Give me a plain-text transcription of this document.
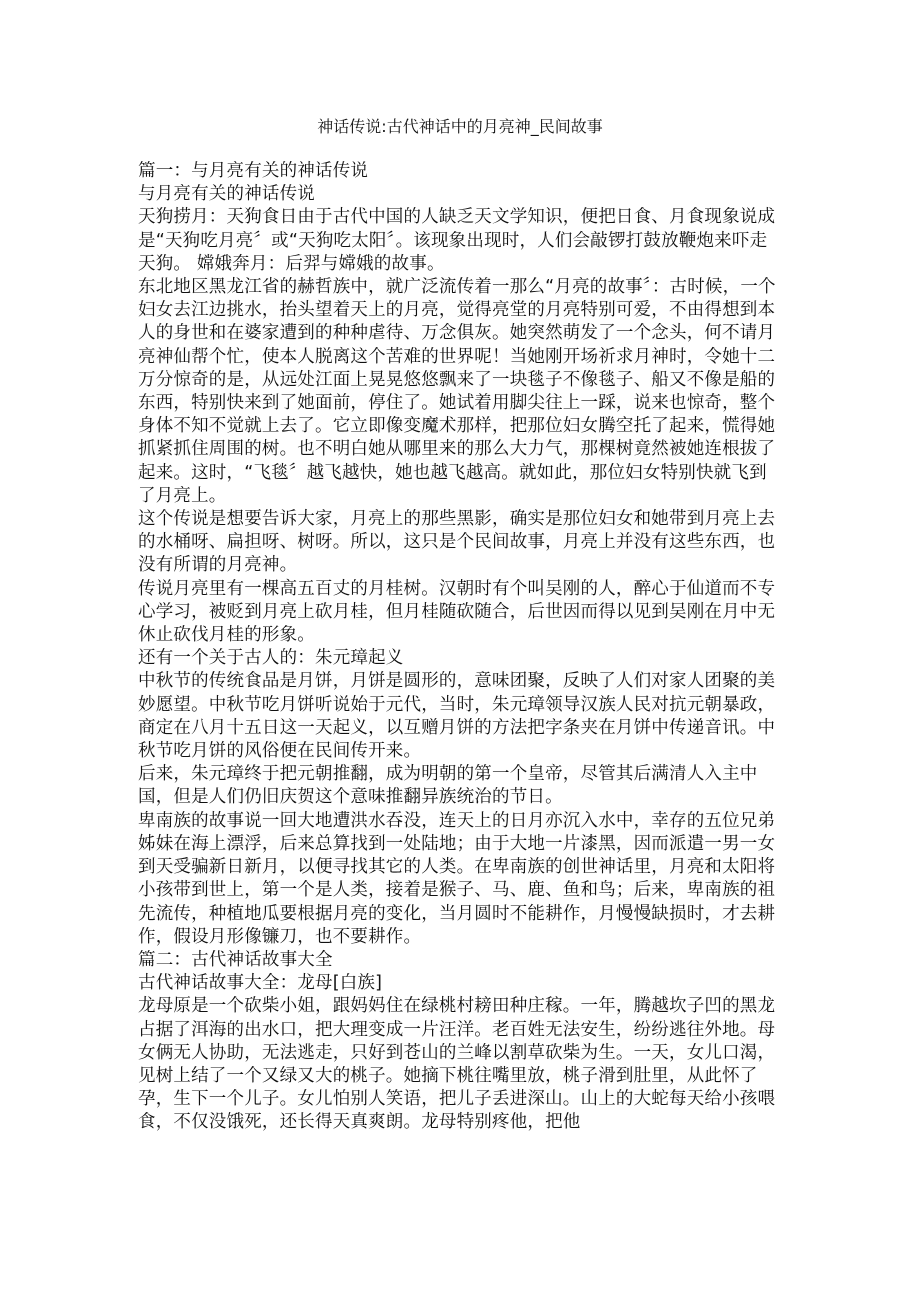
神话传说:古代神话中的月亮神_民间故事

篇一：与月亮有关的神话传说

与月亮有关的神话传说

天狗捞月：天狗食日由于古代中国的人缺乏天文学知识，便把日食、月食现象说成是“天狗吃月亮〞或“天狗吃太阳〞。该现象出现时，人们会敲锣打鼓放鞭炮来吓走天狗。 嫦娥奔月：后羿与嫦娥的故事。

东北地区黑龙江省的赫哲族中，就广泛流传着一那么“月亮的故事〞：古时候，一个妇女去江边挑水，抬头望着天上的月亮，觉得亮堂的月亮特别可爱，不由得想到本人的身世和在婆家遭到的种种虐待、万念俱灰。她突然萌发了一个念头，何不请月亮神仙帮个忙，使本人脱离这个苦难的世界呢！当她刚开场祈求月神时，令她十二万分惊奇的是，从远处江面上晃晃悠悠飘来了一块毯子不像毯子、船又不像是船的东西，特别快来到了她面前，停住了。她试着用脚尖往上一踩，说来也惊奇，整个身体不知不觉就上去了。它立即像变魔术那样，把那位妇女腾空托了起来，慌得她抓紧抓住周围的树。也不明白她从哪里来的那么大力气，那棵树竟然被她连根拔了起来。这时，“飞毯〞越飞越快，她也越飞越高。就如此，那位妇女特别快就飞到了月亮上。

这个传说是想要告诉大家，月亮上的那些黑影，确实是那位妇女和她带到月亮上去的水桶呀、扁担呀、树呀。所以，这只是个民间故事，月亮上并没有这些东西，也没有所谓的月亮神。

传说月亮里有一棵高五百丈的月桂树。汉朝时有个叫吴刚的人，醉心于仙道而不专心学习，被贬到月亮上砍月桂，但月桂随砍随合，后世因而得以见到吴刚在月中无休止砍伐月桂的形象。

还有一个关于古人的：朱元璋起义

中秋节的传统食品是月饼，月饼是圆形的，意味团聚，反映了人们对家人团聚的美妙愿望。中秋节吃月饼听说始于元代，当时，朱元璋领导汉族人民对抗元朝暴政，商定在八月十五日这一天起义，以互赠月饼的方法把字条夹在月饼中传递音讯。中秋节吃月饼的风俗便在民间传开来。

后来，朱元璋终于把元朝推翻，成为明朝的第一个皇帝，尽管其后满清人入主中国，但是人们仍旧庆贺这个意味推翻异族统治的节日。

卑南族的故事说一回大地遭洪水吞没，连天上的日月亦沉入水中，幸存的五位兄弟姊妹在海上漂浮，后来总算找到一处陆地；由于大地一片漆黑，因而派遣一男一女到天受骗新日新月，以便寻找其它的人类。在卑南族的创世神话里，月亮和太阳将小孩带到世上，第一个是人类，接着是猴子、马、鹿、鱼和鸟；后来，卑南族的祖先流传，种植地瓜要根据月亮的变化，当月圆时不能耕作，月慢慢缺损时，才去耕作，假设月形像镰刀，也不要耕作。

篇二：古代神话故事大全

古代神话故事大全：龙母[白族]

龙母原是一个砍柴小姐，跟妈妈住在绿桃村耪田种庄稼。一年，腾越坎子凹的黑龙占据了洱海的出水口，把大理变成一片汪洋。老百姓无法安生，纷纷逃往外地。母女俩无人协助，无法逃走，只好到苍山的兰峰以割草砍柴为生。一天，女儿口渴，见树上结了一个又绿又大的桃子。她摘下桃往嘴里放，桃子滑到肚里，从此怀了孕，生下一个儿子。女儿怕别人笑语，把儿子丢进深山。山上的大蛇每天给小孩喂食，不仅没饿死，还长得天真爽朗。龙母特别疼他，把他
